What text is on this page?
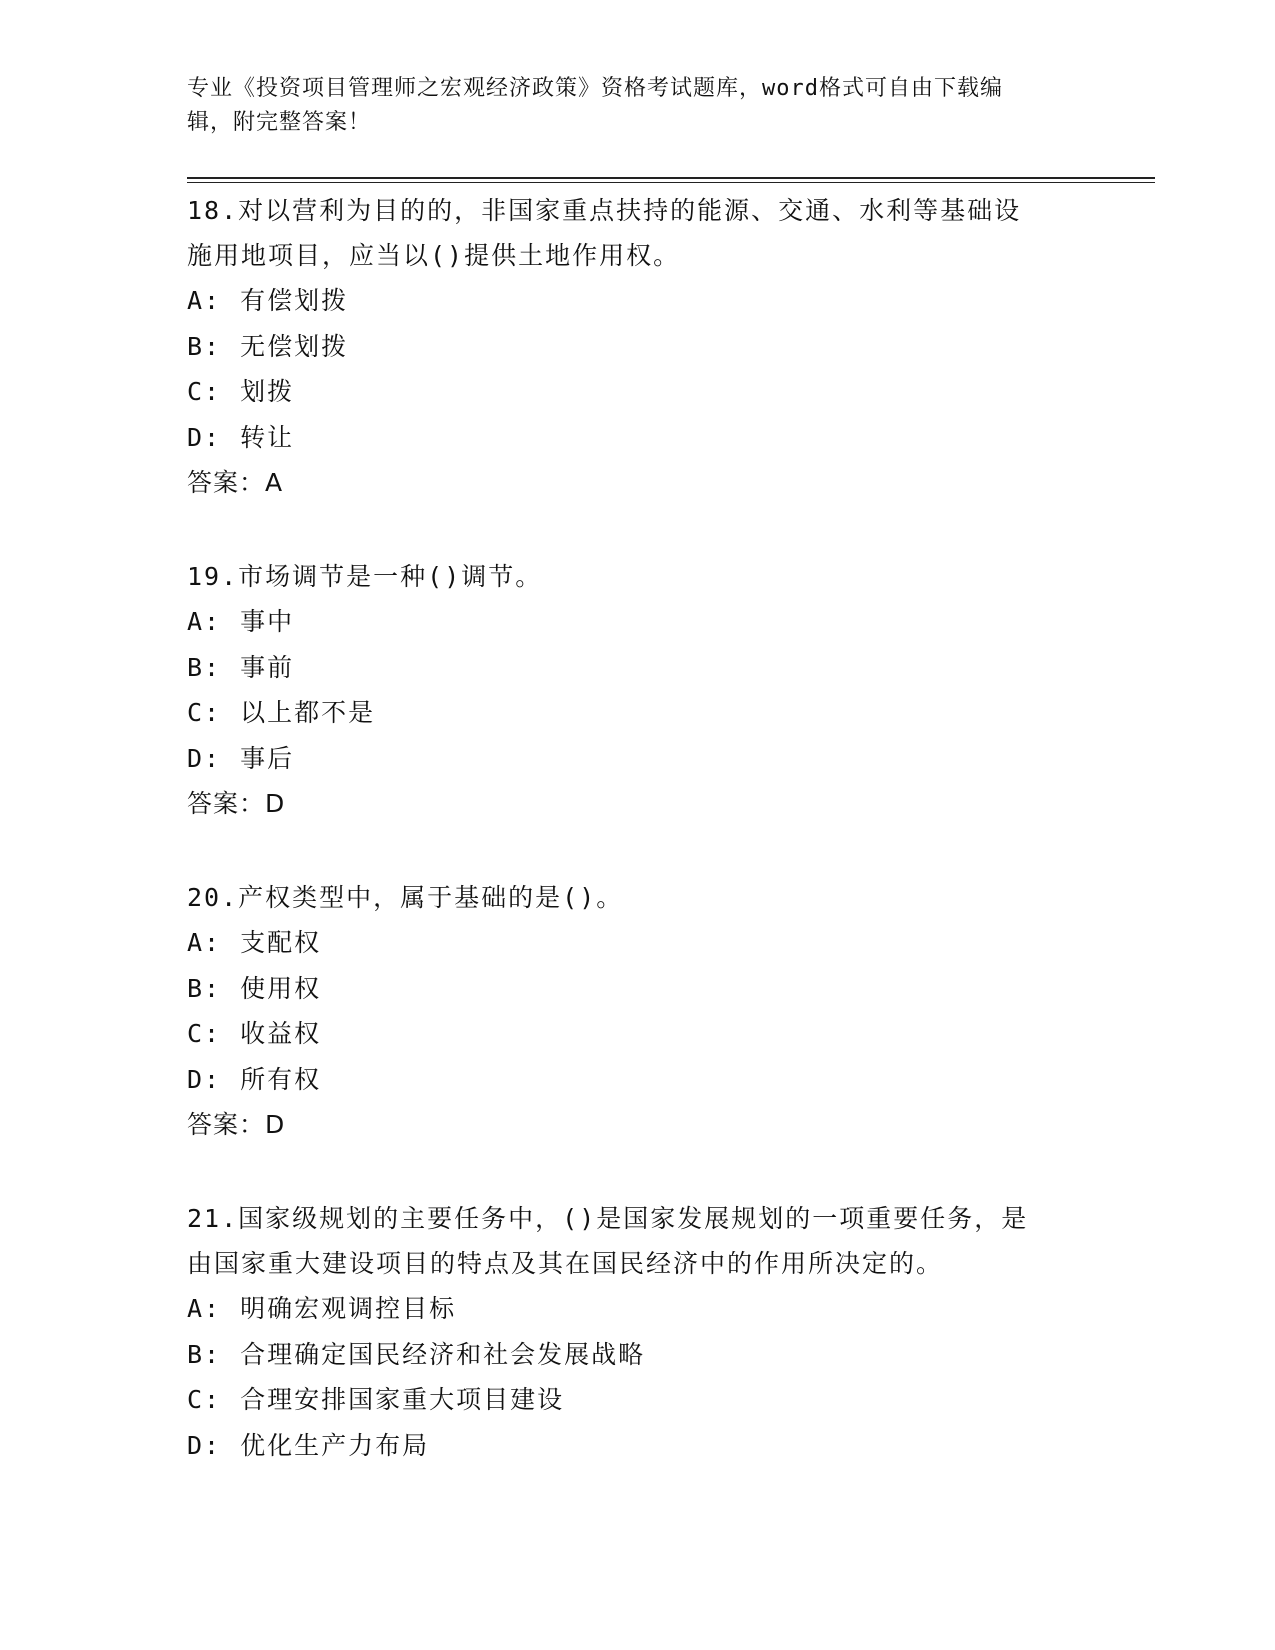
专业《投资项目管理师之宏观经济政策》资格考试题库，word格式可自由下载编
辑，附完整答案！
18.对以营利为目的的，非国家重点扶持的能源、交通、水利等基础设
施用地项目，应当以()提供土地作用权。
A: 有偿划拨
B: 无偿划拨
C: 划拨
D: 转让
答案：A
19.市场调节是一种()调节。
A: 事中
B: 事前
C: 以上都不是
D: 事后
答案：D
20.产权类型中，属于基础的是()。
A: 支配权
B: 使用权
C: 收益权
D: 所有权
答案：D
21.国家级规划的主要任务中，()是国家发展规划的一项重要任务，是
由国家重大建设项目的特点及其在国民经济中的作用所决定的。
A: 明确宏观调控目标
B: 合理确定国民经济和社会发展战略
C: 合理安排国家重大项目建设
D: 优化生产力布局
